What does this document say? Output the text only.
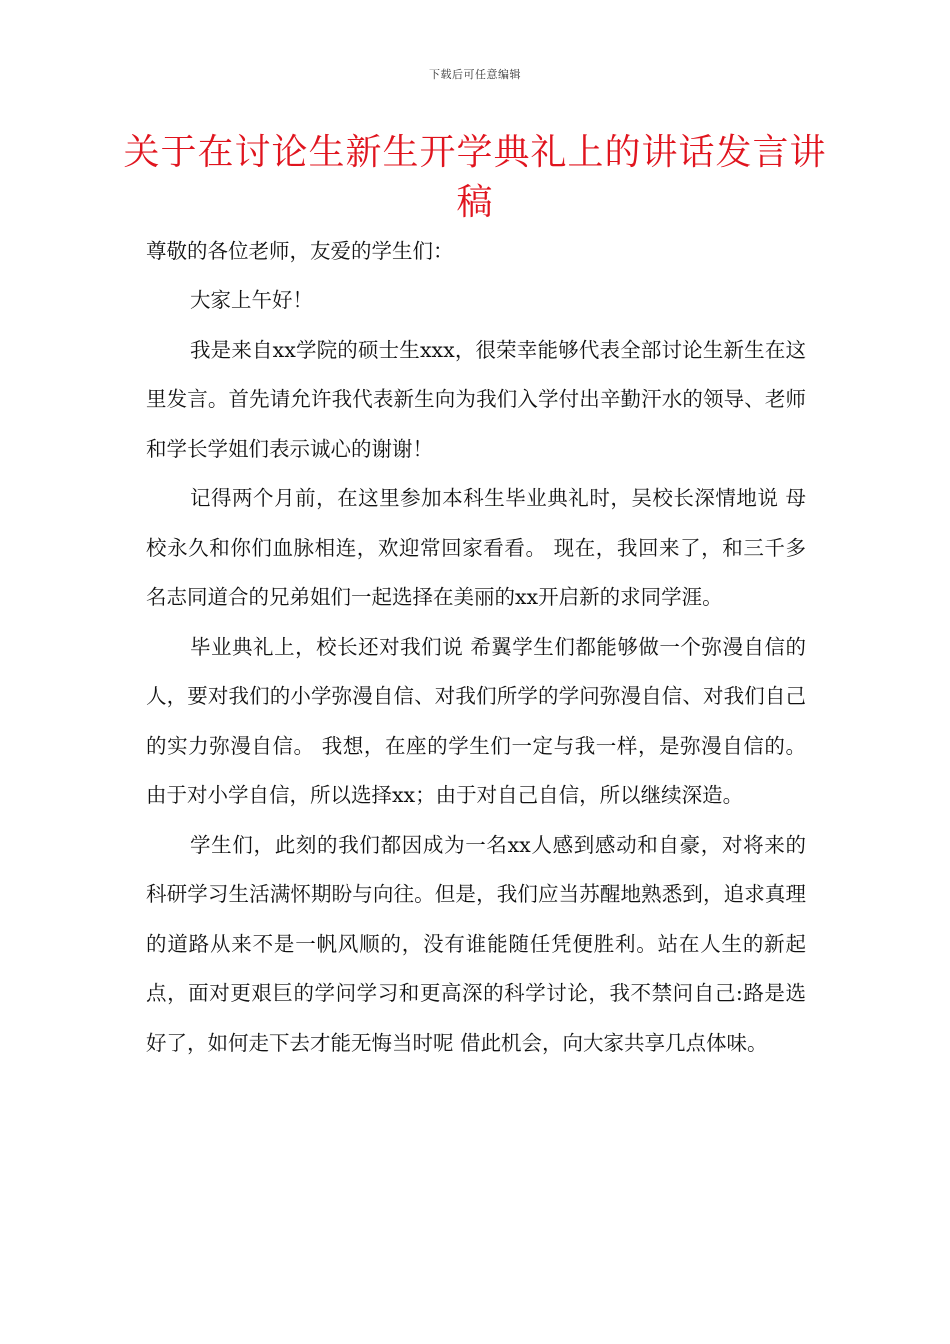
下载后可任意编辑
关于在讨论生新生开学典礼上的讲话发言讲稿
尊敬的各位老师，友爱的学生们：

大家上午好！

我是来自xx学院的硕士生xxx，很荣幸能够代表全部讨论生新生在这里发言。首先请允许我代表新生向为我们入学付出辛勤汗水的领导、老师和学长学姐们表示诚心的谢谢！

记得两个月前，在这里参加本科生毕业典礼时，吴校长深情地说 母校永久和你们血脉相连，欢迎常回家看看。 现在，我回来了，和三千多名志同道合的兄弟姐们一起选择在美丽的xx开启新的求同学涯。

毕业典礼上，校长还对我们说 希翼学生们都能够做一个弥漫自信的人，要对我们的小学弥漫自信、对我们所学的学问弥漫自信、对我们自己的实力弥漫自信。 我想，在座的学生们一定与我一样，是弥漫自信的。由于对小学自信，所以选择xx；由于对自己自信，所以继续深造。

学生们，此刻的我们都因成为一名xx人感到感动和自豪，对将来的科研学习生活满怀期盼与向往。但是，我们应当苏醒地熟悉到，追求真理的道路从来不是一帆风顺的，没有谁能随任凭便胜利。站在人生的新起点，面对更艰巨的学问学习和更高深的科学讨论，我不禁问自己:路是选好了，如何走下去才能无悔当时呢 借此机会，向大家共享几点体味。
